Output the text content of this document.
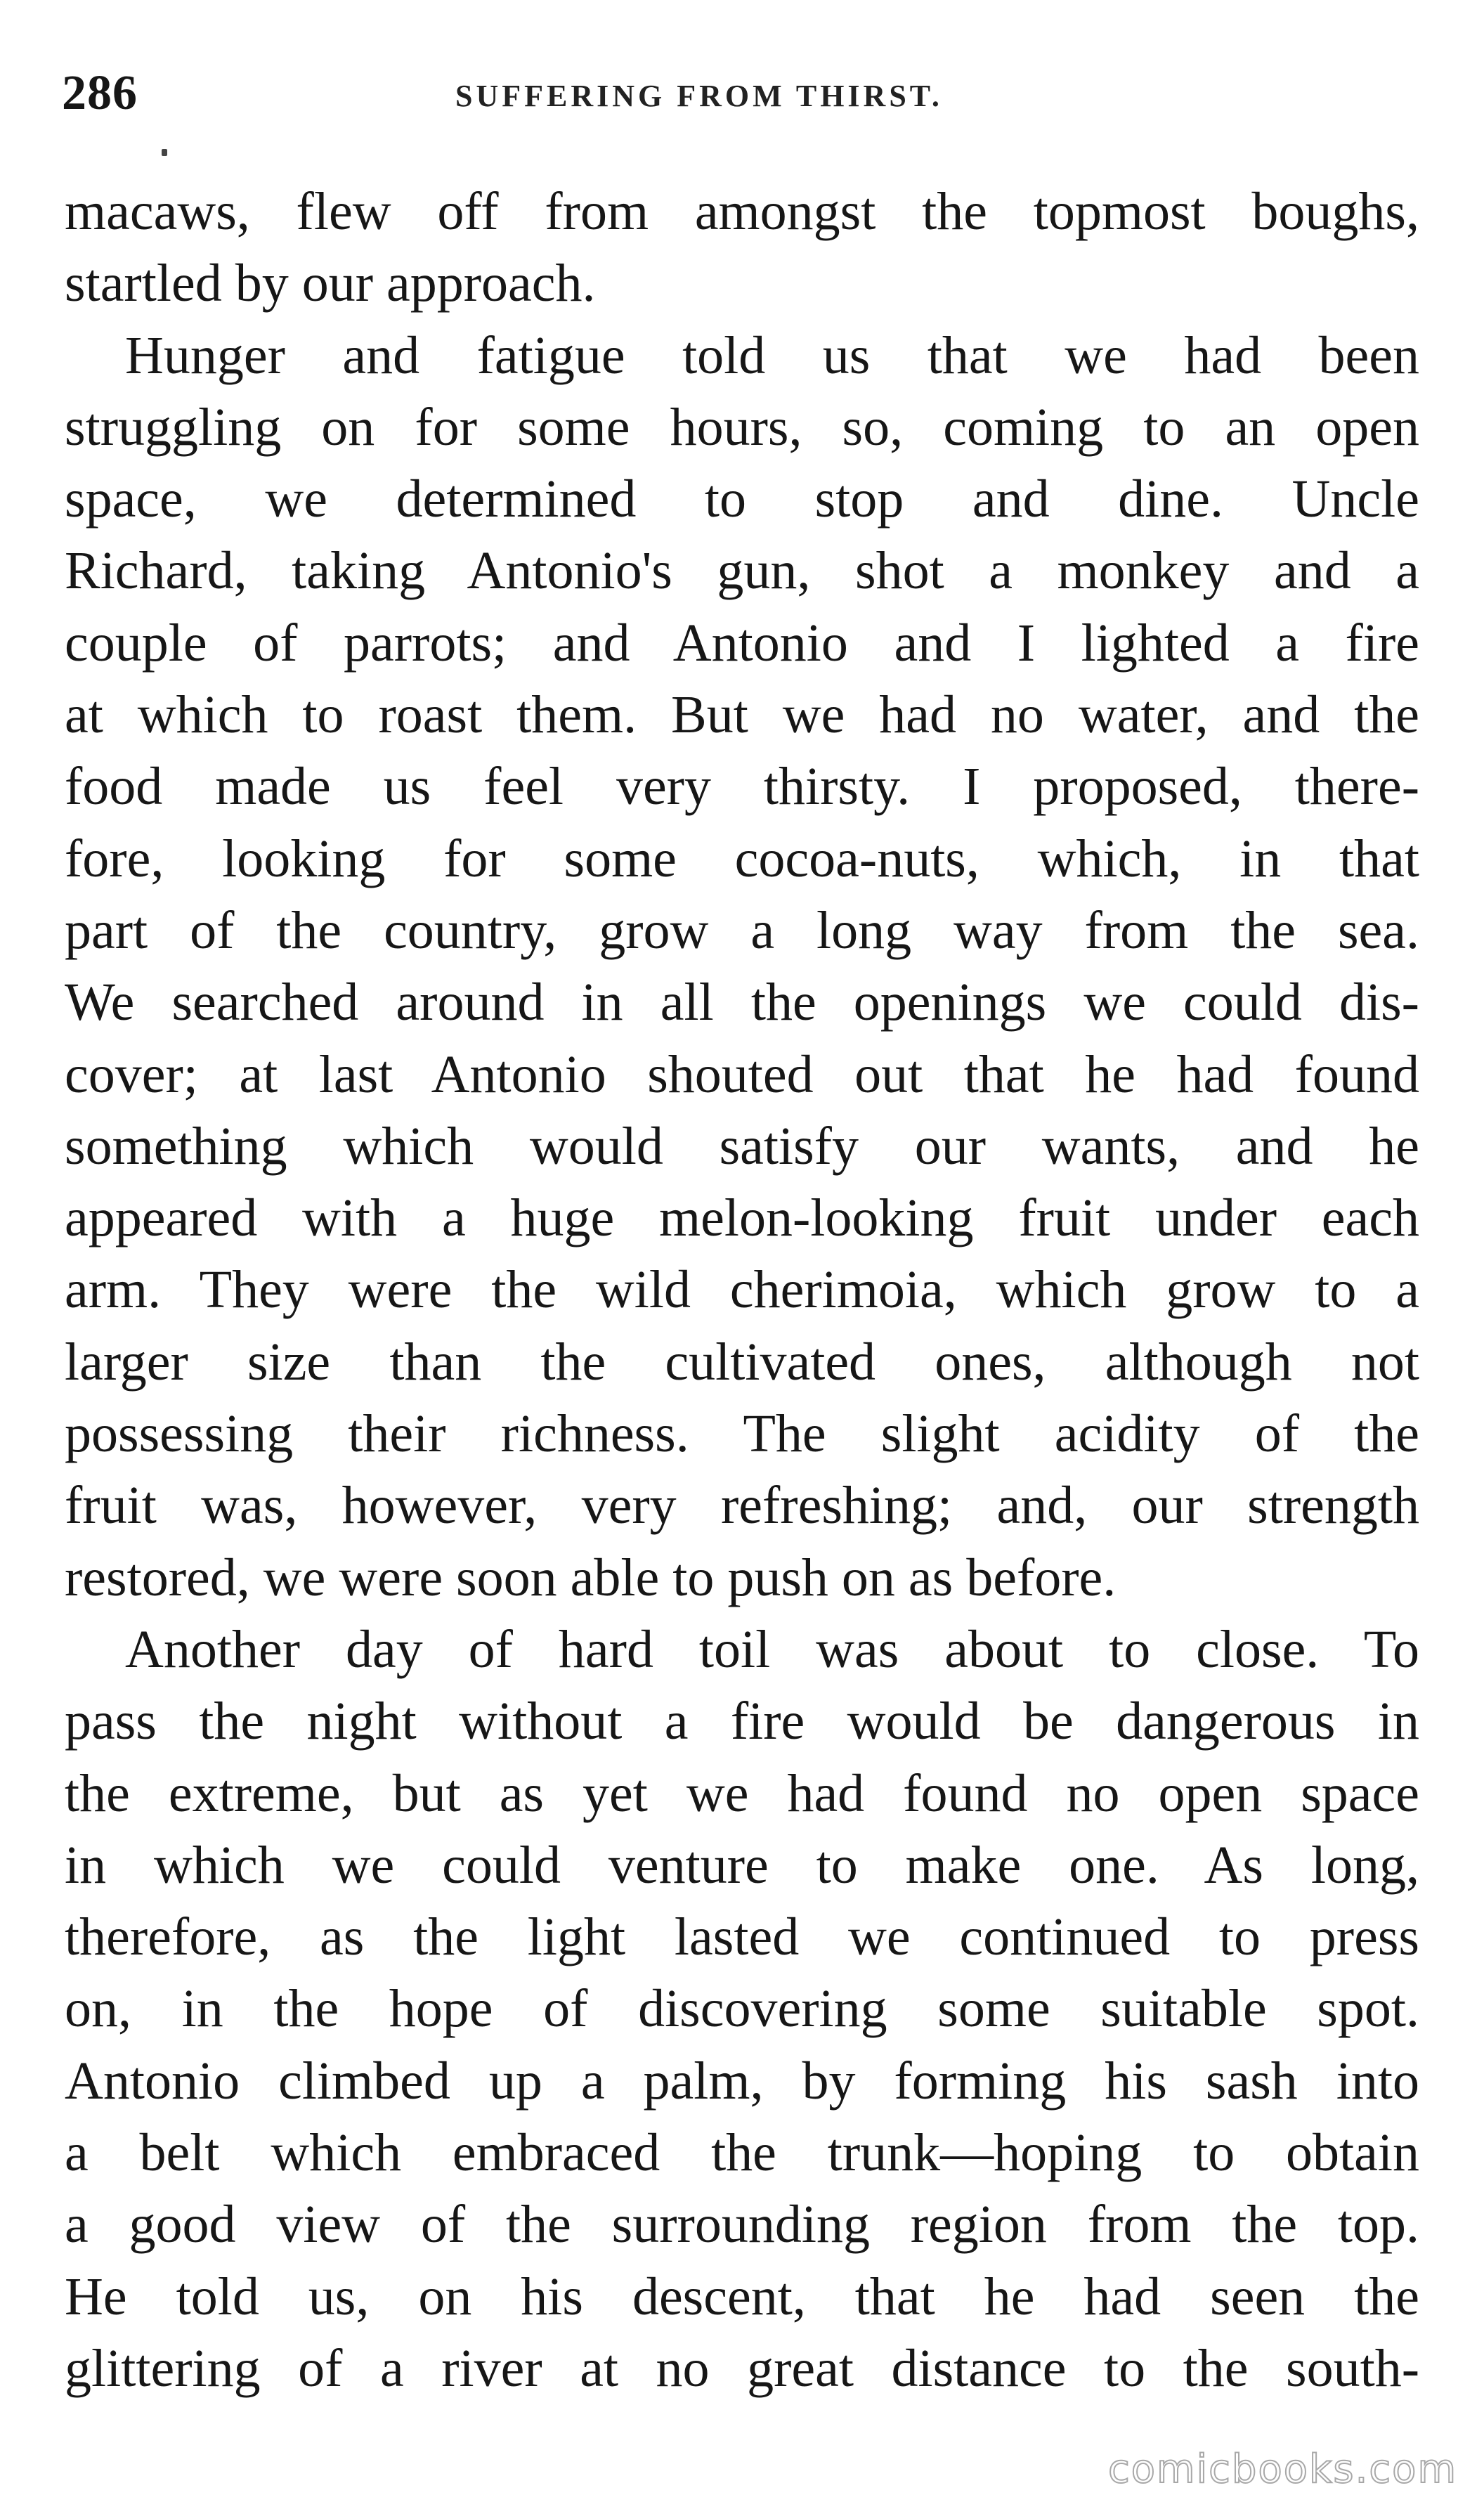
286	SUFFERING FROM THIRST.
macaws, flew off from amongst the topmost boughs,
startled by our approach.
Hunger and fatigue told us that we had been
struggling on for some hours, so, coming to an open
space, we determined to stop and dine. Uncle
Richard, taking Antonio's gun, shot a monkey and a
couple of parrots; and Antonio and I lighted a fire
at which to roast them. But we had no water, and the
food made us feel very thirsty. I proposed, there-
fore, looking for some cocoa-nuts, which, in that
part of the country, grow a long way from the sea.
We searched around in all the openings we could dis-
cover; at last Antonio shouted out that he had found
something which would satisfy our wants, and he
appeared with a huge melon-looking fruit under each
arm. They were the wild cherimoia, which grow to a
larger size than the cultivated ones, although not
possessing their richness. The slight acidity of the
fruit was, however, very refreshing; and, our strength
restored, we were soon able to push on as before.
Another day of hard toil was about to close. To
pass the night without a fire would be dangerous in
the extreme, but as yet we had found no open space
in which we could venture to make one. As long,
therefore, as the light lasted we continued to press
on, in the hope of discovering some suitable spot.
Antonio climbed up a palm, by forming his sash into
a belt which embraced the trunk—hoping to obtain
a good view of the surrounding region from the top.
He told us, on his descent, that he had seen the
glittering of a river at no great distance to the south-
comicbooks.com
